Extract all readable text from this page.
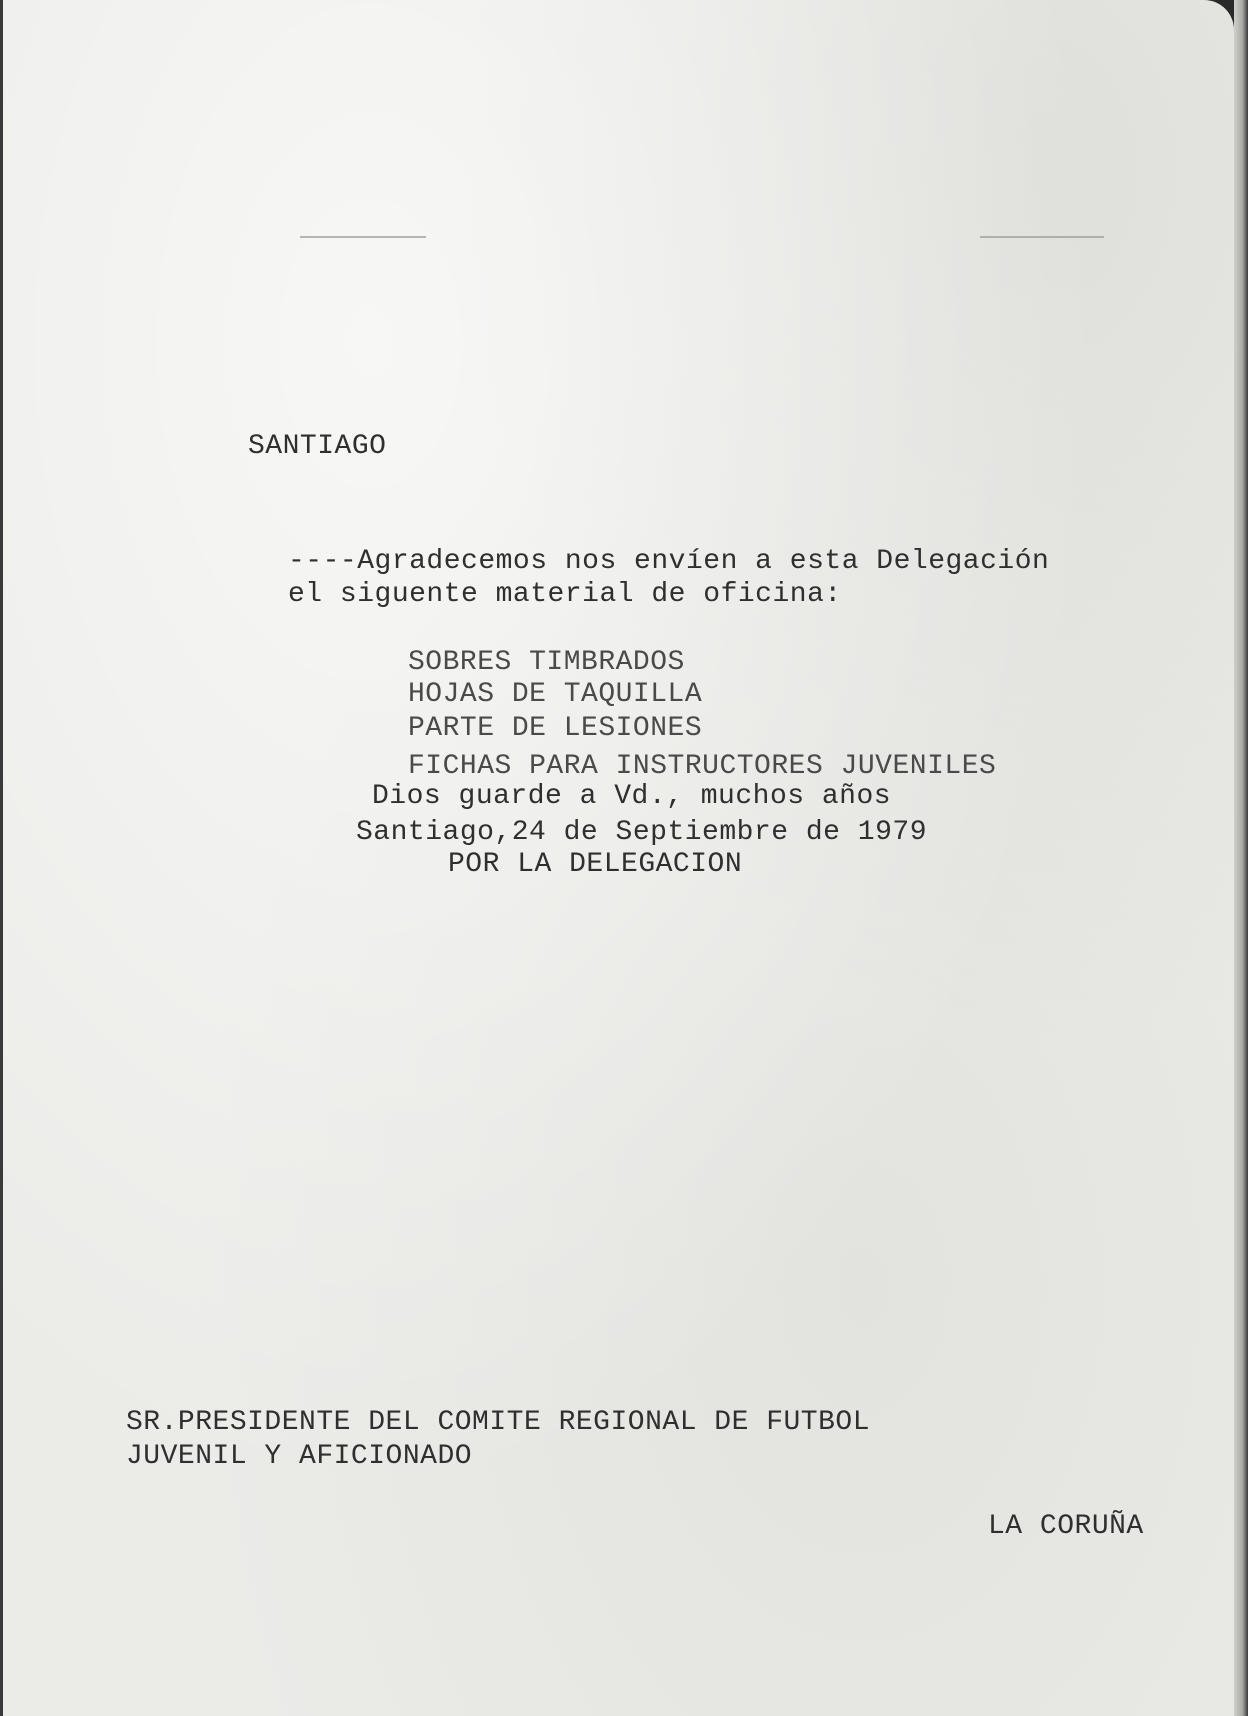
SANTIAGO

----Agradecemos nos envíen a esta Delegación

el siguente material de oficina:

SOBRES TIMBRADOS

HOJAS DE TAQUILLA

PARTE DE LESIONES

FICHAS PARA INSTRUCTORES JUVENILES

Dios guarde a Vd., muchos años

Santiago,24 de Septiembre de 1979

POR LA DELEGACION

SR.PRESIDENTE DEL COMITE REGIONAL DE FUTBOL

JUVENIL Y AFICIONADO

LA CORUÑA
